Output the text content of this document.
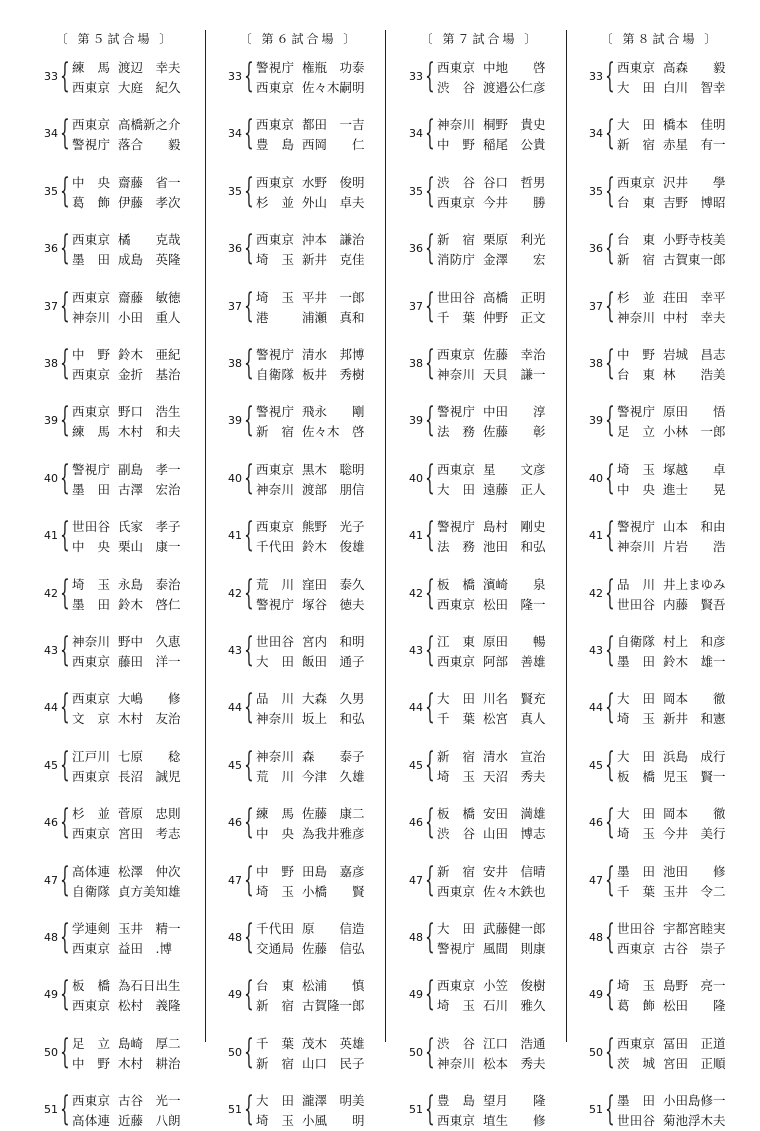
〔 第５試合場 〕
33 { 練 馬 渡辺　幸夫
西東京 大庭　紀久
34 { 西東京 高橋新之介
警視庁 落合　　毅
35 { 中 央 齋藤　省一
葛 飾 伊藤　孝次
36 { 西東京 橘　　克哉
墨 田 成島　英隆
37 { 西東京 齋藤　敏徳
神奈川 小田　重人
38 { 中 野 鈴木　亜紀
西東京 金折　基治
39 { 西東京 野口　浩生
練 馬 木村　和夫
40 { 警視庁 副島　孝一
墨 田 古澤　宏治
41 { 世田谷 氏家　孝子
中 央 栗山　康一
42 { 埼 玉 永島　泰治
墨 田 鈴木　啓仁
43 { 神奈川 野中　久恵
西東京 藤田　洋一
44 { 西東京 大嶋　　修
文 京 木村　友治
45 { 江戸川 七原　　稔
西東京 長沼　誠児
46 { 杉 並 菅原　忠則
西東京 宮田　考志
47 { 高体連 松澤　仲次
自衛隊 貞方美知雄
48 { 学連剣 玉井　精一
西東京 益田　.博
49 { 板 橋 為石日出生
西東京 松村　義隆
50 { 足 立 島崎　厚二
中 野 木村　耕治
51 { 西東京 古谷　光一
高体連 近藤　八朗
〔 第６試合場 〕
33 { 警視庁 権瓶　功泰
西東京 佐々木嗣明
34 { 西東京 都田　一吉
豊 島 西岡　　仁
35 { 西東京 水野　俊明
杉 並 外山　卓夫
36 { 西東京 沖本　謙治
埼 玉 新井　克佳
37 { 埼 玉 平井　一郎
港	浦瀬　真和
38 { 警視庁 清水　邦博
自衛隊 板井　秀樹
39 { 警視庁 飛永　　剛
新 宿 佐々木　啓
40 { 西東京 黒木　聡明
神奈川 渡部　朋信
41 { 西東京 熊野　光子
千代田 鈴木　俊雄
42 { 荒 川 窪田　泰久
警視庁 塚谷　徳夫
43 { 世田谷 宮内　和明
大 田 飯田　通子
44 { 品 川 大森　久男
神奈川 坂上　和弘
45 { 神奈川 森　　泰子
荒 川 今津　久雄
46 { 練 馬 佐藤　康二
中 央 為我井雅彦
47 { 中 野 田島　嘉彦
埼 玉 小橋　　賢
48 { 千代田 原　　信造
交通局 佐藤　信弘
49 { 台 東 松浦　　慎
新 宿 古賀隆一郎
50 { 千 葉 茂木　英雄
新 宿 山口　民子
51 { 大 田 瀧澤　明美
埼 玉 小風　　明
〔 第７試合場 〕
33 { 西東京 中地　　啓
渋 谷 渡邉公仁彦
34 { 神奈川 桐野　貴史
中 野 稲尾　公貴
35 { 渋 谷 谷口　哲男
西東京 今井　　勝
36 { 新 宿 栗原　利光
消防庁 金澤　　宏
37 { 世田谷 高橋　正明
千 葉 仲野　正文
38 { 西東京 佐藤　幸治
神奈川 天貝　謙一
39 { 警視庁 中田　　淳
法 務 佐藤　　彰
40 { 西東京 星　　文彦
大 田 遠藤　正人
41 { 警視庁 島村　剛史
法 務 池田　和弘
42 { 板 橋 濱崎　　泉
西東京 松田　隆一
43 { 江 東 原田　　暢
西東京 阿部　善雄
44 { 大 田 川名　賢充
千 葉 松宮　真人
45 { 新 宿 清水　宣治
埼 玉 天沼　秀夫
46 { 板 橋 安田　満雄
渋 谷 山田　博志
47 { 新 宿 安井　信晴
西東京 佐々木鉄也
48 { 大 田 武藤健一郎
警視庁 風間　則康
49 { 西東京 小笠　俊樹
埼 玉 石川　雅久
50 { 渋 谷 江口　浩通
神奈川 松本　秀夫
51 { 豊 島 望月　　隆
西東京 埴生　　修
〔 第８試合場 〕
33 { 西東京 高森　　毅
大 田 白川　智幸
34 { 大 田 橋本　佳明
新 宿 赤星　有一
35 { 西東京 沢井　　學
台 東 吉野　博昭
36 { 台 東 小野寺枝美
新 宿 古賀東一郎
37 { 杉 並 荘田　幸平
神奈川 中村　幸夫
38 { 中 野 岩城　昌志
台 東 林　　浩美
39 { 警視庁 原田　　悟
足 立 小林　一郎
40 { 埼 玉 塚越　　卓
中 央 進士　　晃
41 { 警視庁 山本　和由
神奈川 片岩　　浩
42 { 品 川 井上まゆみ
世田谷 内藤　賢吾
43 { 自衛隊 村上　和彦
墨 田 鈴木　雄一
44 { 大 田 岡本　　徹
埼 玉 新井　和憲
45 { 大 田 浜島　成行
板 橋 児玉　賢一
46 { 大 田 岡本　　徹
埼 玉 今井　美行
47 { 墨 田 池田　　修
千 葉 玉井　令二
48 { 世田谷 宇都宮睦実
西東京 古谷　崇子
49 { 埼 玉 島野　亮一
葛 飾 松田　　隆
50 { 西東京 冨田　正道
茨 城 宮田　正順
51 { 墨 田 小田島修一
世田谷 菊池浮木夫
